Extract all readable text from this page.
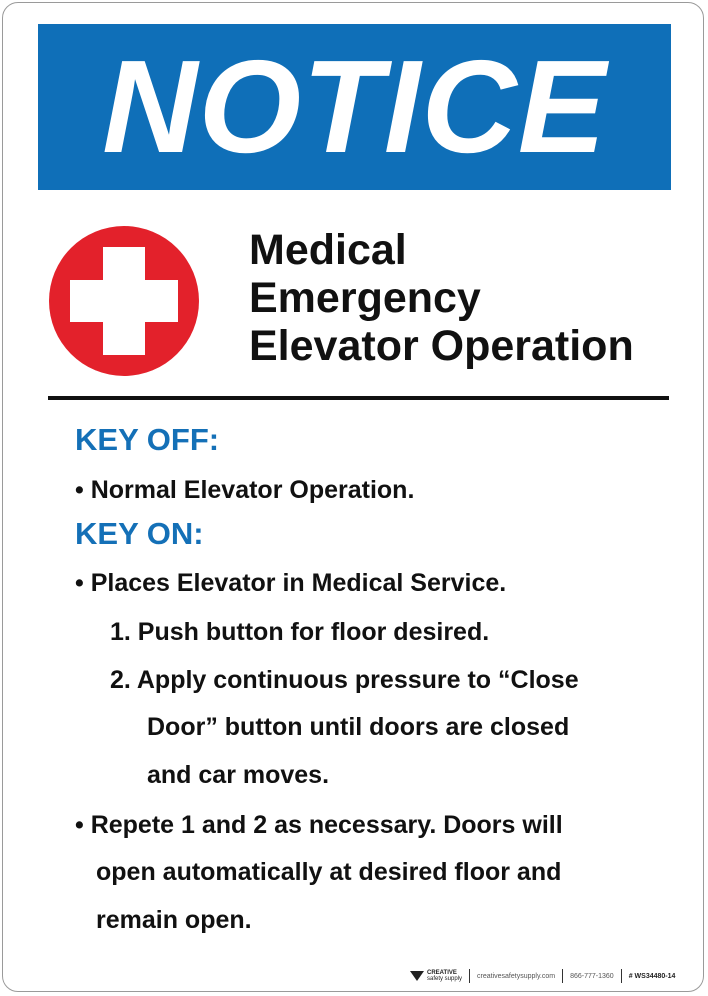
NOTICE
Medical
Emergency
Elevator Operation
KEY OFF:
• Normal Elevator Operation.
KEY ON:
• Places Elevator in Medical Service.
1. Push button for floor desired.
2. Apply continuous pressure to “Close
Door” button until doors are closed
and car moves.
• Repete 1 and 2 as necessary. Doors will
open automatically at desired floor and
remain open.
CREATIVE
safety supply creativesafetysupply.com 866-777-1360 # WS34480-14
